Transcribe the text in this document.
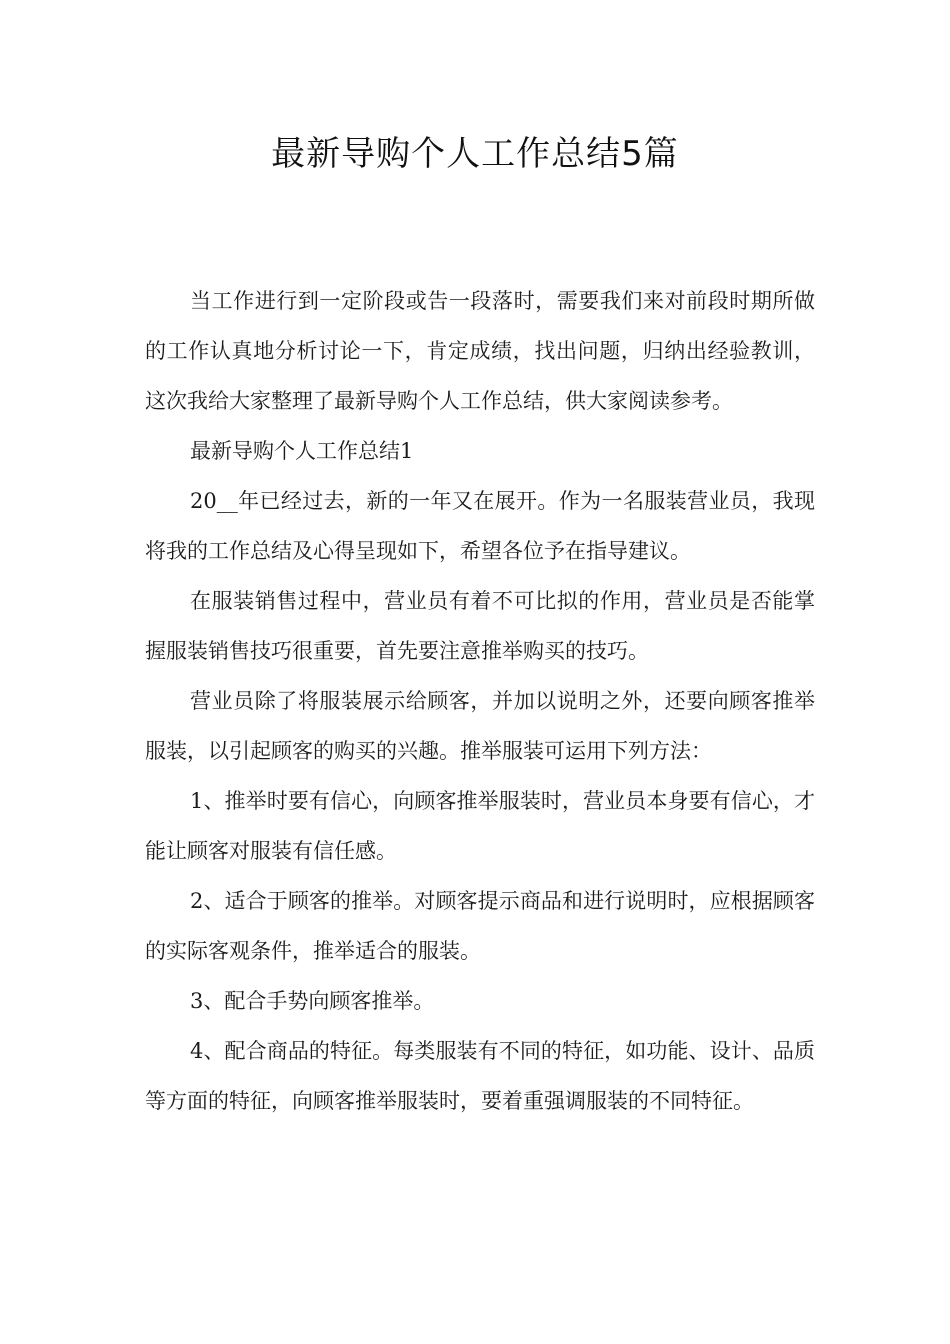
最新导购个人工作总结5篇

当工作进行到一定阶段或告一段落时，需要我们来对前段时期所做的工作认真地分析讨论一下，肯定成绩，找出问题，归纳出经验教训，这次我给大家整理了最新导购个人工作总结，供大家阅读参考。

最新导购个人工作总结1

20__年已经过去，新的一年又在展开。作为一名服装营业员，我现将我的工作总结及心得呈现如下，希望各位予在指导建议。

在服装销售过程中，营业员有着不可比拟的作用，营业员是否能掌握服装销售技巧很重要，首先要注意推举购买的技巧。

营业员除了将服装展示给顾客，并加以说明之外，还要向顾客推举服装，以引起顾客的购买的兴趣。推举服装可运用下列方法：

1、推举时要有信心，向顾客推举服装时，营业员本身要有信心，才能让顾客对服装有信任感。

2、适合于顾客的推举。对顾客提示商品和进行说明时，应根据顾客的实际客观条件，推举适合的服装。

3、配合手势向顾客推举。

4、配合商品的特征。每类服装有不同的特征，如功能、设计、品质等方面的特征，向顾客推举服装时，要着重强调服装的不同特征。
